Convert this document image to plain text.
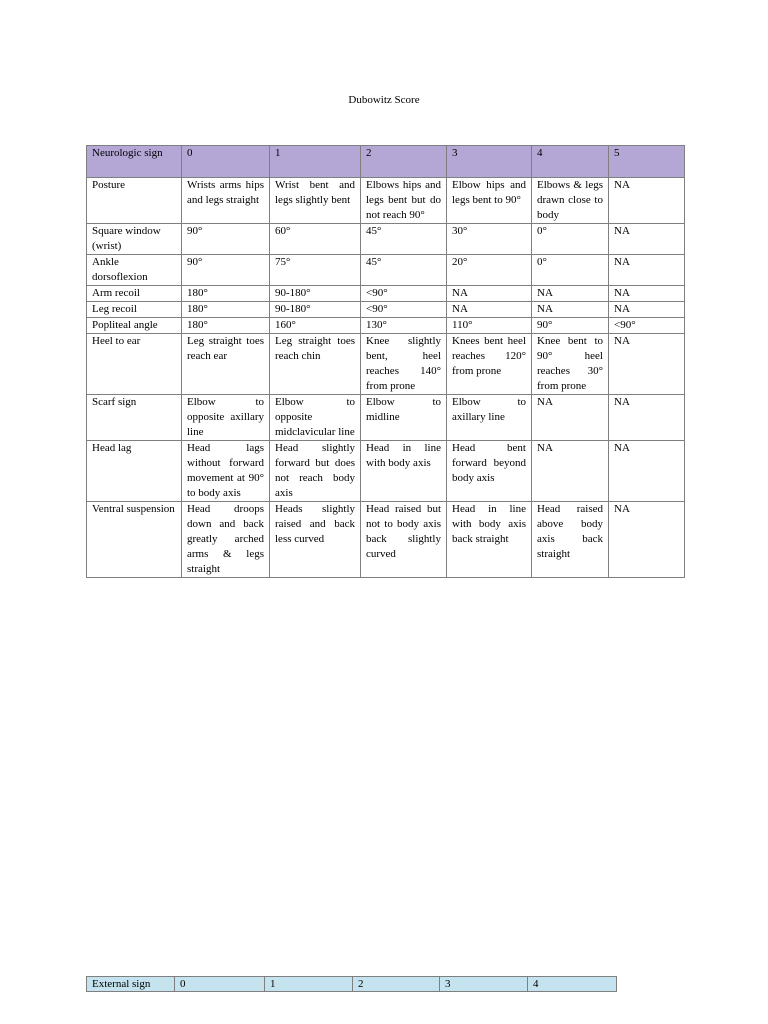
Dubowitz Score
Neurologic sign	0	1	2	3	4	5
Posture	Wrists arms hips and legs straight	Wrist bent and legs slightly bent	Elbows hips and legs bent but do not reach 90°	Elbow hips and legs bent to 90°	Elbows & legs drawn close to body	NA
Square window (wrist)	90°	60°	45°	30°	0°	NA
Ankle dorsoflexion	90°	75°	45°	20°	0°	NA
Arm recoil	180°	90-180°	<90°	NA	NA	NA
Leg recoil	180°	90-180°	<90°	NA	NA	NA
Popliteal angle	180°	160°	130°	110°	90°	<90°
Heel to ear	Leg straight toes reach ear	Leg straight toes reach chin	Knee slightly bent, heel reaches 140° from prone	Knees bent heel reaches 120° from prone	Knee bent to 90° heel reaches 30° from prone	NA
Scarf sign	Elbow to opposite axillary line	Elbow to opposite midclavicular line	Elbow to midline	Elbow to axillary line	NA	NA
Head lag	Head lags without forward movement at 90° to body axis	Head slightly forward but does not reach body axis	Head in line with body axis	Head bent forward beyond body axis	NA	NA
Ventral suspension	Head droops down and back greatly arched arms & legs straight	Heads slightly raised and back less curved	Head raised but not to body axis back slightly curved	Head in line with body axis back straight	Head raised above body axis back straight	NA
External sign	0	1	2	3	4
